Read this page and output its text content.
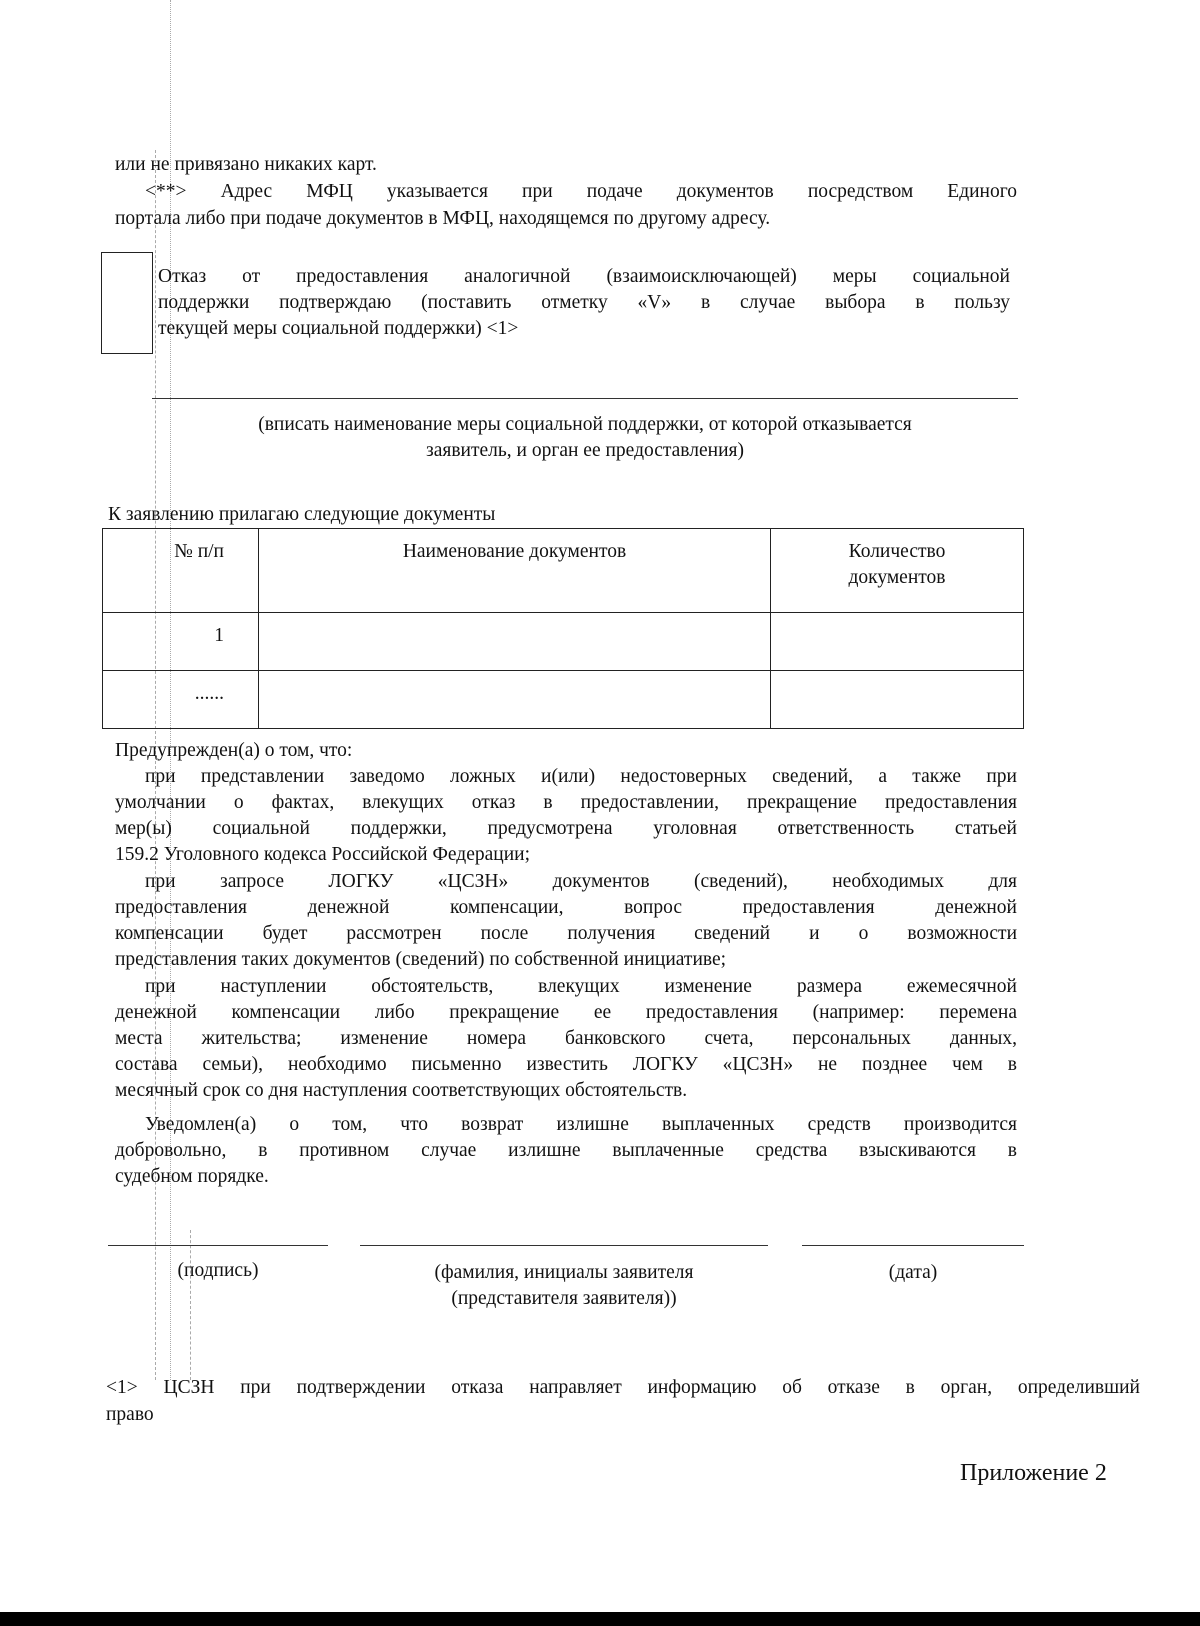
или не привязано никаких карт.
<**> Адрес МФЦ указывается при подаче документов посредством Единого
портала либо при подаче документов в МФЦ, находящемся по другому адресу.
Отказ от предоставления аналогичной (взаимоисключающей) меры социальной
поддержки подтверждаю (поставить отметку «V» в случае выбора в пользу
текущей меры социальной поддержки) <1>
(вписать наименование меры социальной поддержки, от которой отказывается
заявитель, и орган ее предоставления)
К заявлению прилагаю следующие документы
№ п/п	Наименование документов	Количество документов
1		
......		
Предупрежден(а) о том, что:
при представлении заведомо ложных и(или) недостоверных сведений, а также при
умолчании о фактах, влекущих отказ в предоставлении, прекращение предоставления
мер(ы) социальной поддержки, предусмотрена уголовная ответственность статьей
159.2 Уголовного кодекса Российской Федерации;
при запросе ЛОГКУ «ЦСЗН» документов (сведений), необходимых для
предоставления денежной компенсации, вопрос предоставления денежной
компенсации будет рассмотрен после получения сведений и о возможности
представления таких документов (сведений) по собственной инициативе;
при наступлении обстоятельств, влекущих изменение размера ежемесячной
денежной компенсации либо прекращение ее предоставления (например: перемена
места жительства; изменение номера банковского счета, персональных данных,
состава семьи), необходимо письменно известить ЛОГКУ «ЦСЗН» не позднее чем в
месячный срок со дня наступления соответствующих обстоятельств.
Уведомлен(а) о том, что возврат излишне выплаченных средств производится
добровольно, в противном случае излишне выплаченные средства взыскиваются в
судебном порядке.
(подпись)	(фамилия, инициалы заявителя
(представителя заявителя))
(дата)
<1> ЦСЗН при подтверждении отказа направляет информацию об отказе в орган, определивший
право
Приложение 2
